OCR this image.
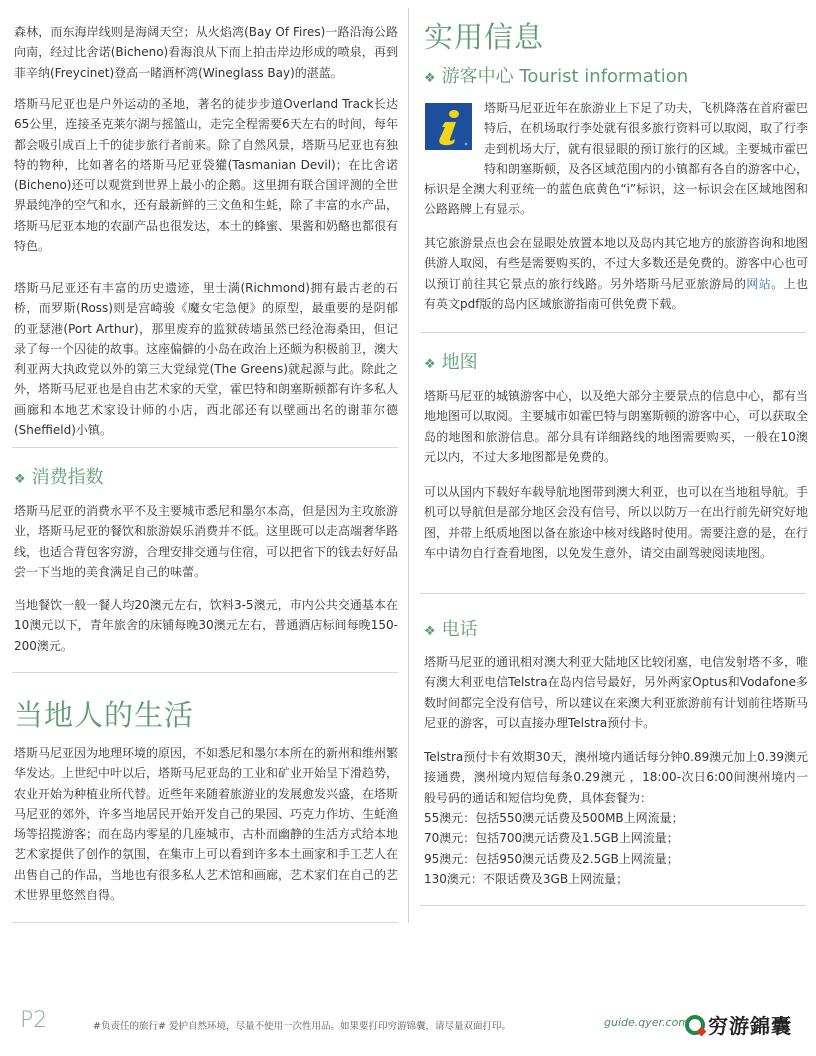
森林，而东海岸线则是海阔天空；从火焰湾(Bay Of Fires)一路沿海公路向南，经过比舍诺(Bicheno)看海浪从下而上拍击岸边形成的喷泉，再到菲辛纳(Freycinet)登高一睹酒杯湾(Wineglass Bay)的湛蓝。

塔斯马尼亚也是户外运动的圣地，著名的徒步步道Overland Track长达65公里，连接圣克莱尔湖与摇篮山，走完全程需要6天左右的时间，每年都会吸引成百上千的徒步旅行者前来。除了自然风景，塔斯马尼亚也有独特的物种，比如著名的塔斯马尼亚袋獾(Tasmanian Devil)；在比舍诺(Bicheno)还可以观赏到世界上最小的企鹅。这里拥有联合国评测的全世界最纯净的空气和水，还有最新鲜的三文鱼和生蚝，除了丰富的水产品，塔斯马尼亚本地的农副产品也很发达，本土的蜂蜜、果酱和奶酪也都很有特色。

塔斯马尼亚还有丰富的历史遗迹，里士满(Richmond)拥有最古老的石桥，而罗斯(Ross)则是宫崎骏《魔女宅急便》的原型，最重要的是阴郁的亚瑟港(Port Arthur)，那里废弃的监狱砖墙虽然已经沧海桑田，但记录了每一个囚徒的故事。这座偏僻的小岛在政治上还颇为积极前卫，澳大利亚两大执政党以外的第三大党绿党(The Greens)就起源与此。除此之外，塔斯马尼亚也是自由艺术家的天堂，霍巴特和朗塞斯顿都有许多私人画廊和本地艺术家设计师的小店，西北部还有以壁画出名的谢菲尔德(Sheffield)小镇。

❖ 消费指数

塔斯马尼亚的消费水平不及主要城市悉尼和墨尔本高，但是因为主攻旅游业，塔斯马尼亚的餐饮和旅游娱乐消费并不低。这里既可以走高端奢华路线，也适合背包客穷游，合理安排交通与住宿，可以把省下的钱去好好品尝一下当地的美食满足自己的味蕾。

当地餐饮一般一餐人均20澳元左右，饮料3-5澳元，市内公共交通基本在10澳元以下，青年旅舍的床铺每晚30澳元左右，普通酒店标间每晚150-200澳元。

当地人的生活

塔斯马尼亚因为地理环境的原因，不如悉尼和墨尔本所在的新州和维州繁华发达。上世纪中叶以后，塔斯马尼亚岛的工业和矿业开始呈下滑趋势，农业开始为种植业所代替。近些年来随着旅游业的发展愈发兴盛，在塔斯马尼亚的郊外，许多当地居民开始开发自己的果园、巧克力作坊、生蚝渔场等招揽游客；而在岛内零星的几座城市，古朴而幽静的生活方式给本地艺术家提供了创作的氛围，在集市上可以看到许多本土画家和手工艺人在出售自己的作品，当地也有很多私人艺术馆和画廊，艺术家们在自己的艺术世界里悠然自得。

实用信息
❖ 游客中心 Tourist information

塔斯马尼亚近年在旅游业上下足了功夫，飞机降落在首府霍巴特后，在机场取行李处就有很多旅行资料可以取阅，取了行李走到机场大厅，就有很显眼的预订旅行的区域。主要城市霍巴特和朗塞斯顿，及各区域范围内的小镇都有各自的游客中心，标识是全澳大利亚统一的蓝色底黄色“i”标识，这一标识会在区域地图和公路路牌上有显示。

其它旅游景点也会在显眼处放置本地以及岛内其它地方的旅游咨询和地图供游人取阅，有些是需要购买的，不过大多数还是免费的。游客中心也可以预订前往其它景点的旅行线路。另外塔斯马尼亚旅游局的网站。上也有英文pdf版的岛内区域旅游指南可供免费下载。

❖ 地图

塔斯马尼亚的城镇游客中心，以及绝大部分主要景点的信息中心，都有当地地图可以取阅。主要城市如霍巴特与朗塞斯顿的游客中心，可以获取全岛的地图和旅游信息。部分具有详细路线的地图需要购买，一般在10澳元以内，不过大多地图都是免费的。

可以从国内下载好车载导航地图带到澳大利亚，也可以在当地租导航。手机可以导航但是部分地区会没有信号，所以以防万一在出行前先研究好地图，并带上纸质地图以备在旅途中核对线路时使用。需要注意的是，在行车中请勿自行查看地图，以免发生意外，请交由副驾驶阅读地图。

❖ 电话

塔斯马尼亚的通讯相对澳大利亚大陆地区比较闭塞，电信发射塔不多，唯有澳大利亚电信Telstra在岛内信号最好，另外两家Optus和Vodafone多数时间都完全没有信号，所以建议在来澳大利亚旅游前有计划前往塔斯马尼亚的游客，可以直接办理Telstra预付卡。

Telstra预付卡有效期30天，澳州境内通话每分钟0.89澳元加上0.39澳元接通费，澳州境内短信每条0.29澳元 ，18:00-次日6:00间澳州境内一般号码的通话和短信均免费，具体套餐为：

55澳元：包括550澳元话费及500MB上网流量；
70澳元：包括700澳元话费及1.5GB上网流量；
95澳元：包括950澳元话费及2.5GB上网流量；
130澳元：不限话费及3GB上网流量；
P2	#负责任的旅行# 爱护自然环境，尽量不使用一次性用品。如果要打印穷游锦囊，请尽量双面打印。	guide.qyer.com 穷游錦囊
